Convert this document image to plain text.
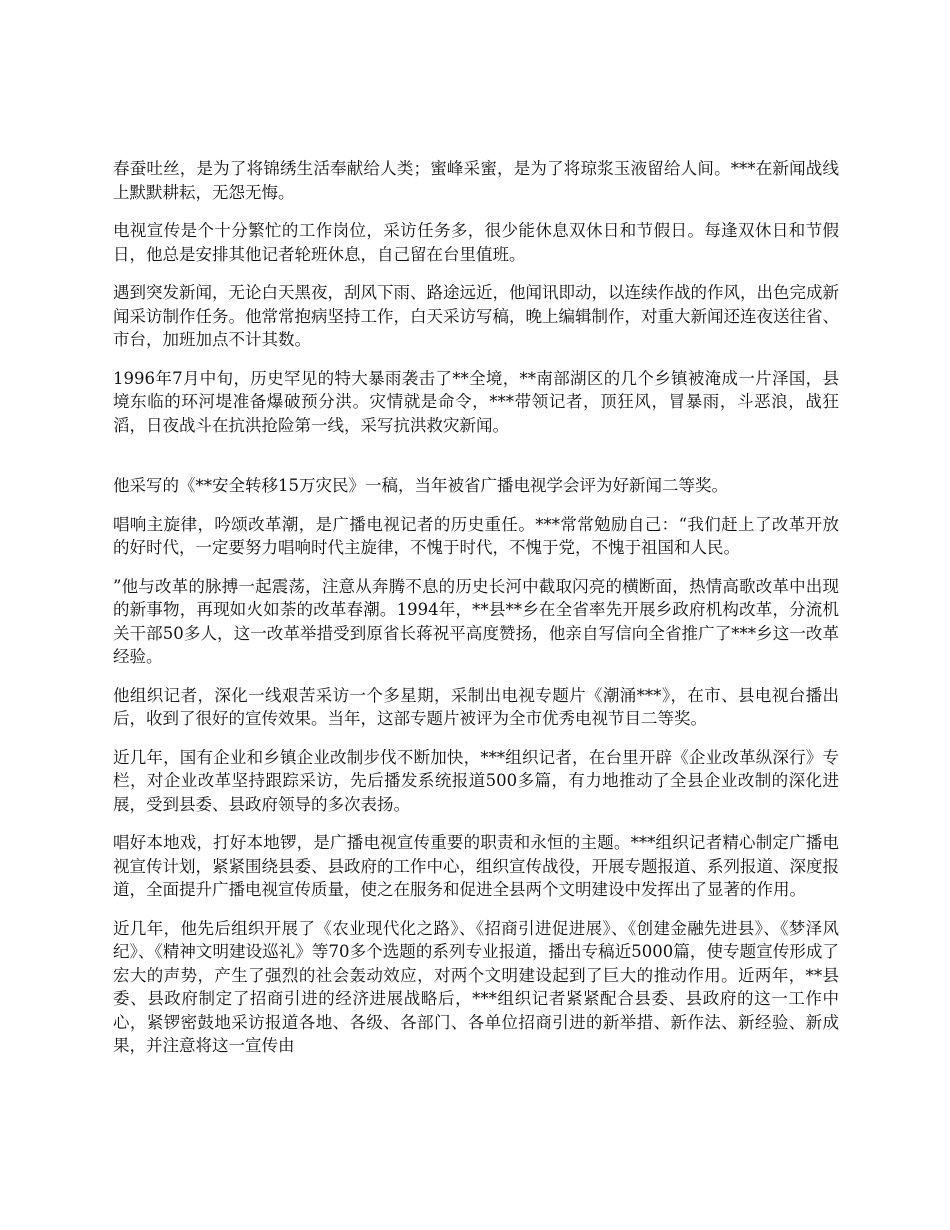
春蚕吐丝，是为了将锦绣生活奉献给人类；蜜峰采蜜，是为了将琼浆玉液留给人间。***在新闻战线上默默耕耘，无怨无悔。

电视宣传是个十分繁忙的工作岗位，采访任务多，很少能休息双休日和节假日。每逢双休日和节假日，他总是安排其他记者轮班休息，自己留在台里值班。

遇到突发新闻，无论白天黑夜，刮风下雨、路途远近，他闻讯即动，以连续作战的作风，出色完成新闻采访制作任务。他常常抱病坚持工作，白天采访写稿，晚上编辑制作，对重大新闻还连夜送往省、市台，加班加点不计其数。

1996年7月中旬，历史罕见的特大暴雨袭击了**全境，**南部湖区的几个乡镇被淹成一片泽国，县境东临的环河堤准备爆破预分洪。灾情就是命令，***带领记者，顶狂风，冒暴雨，斗恶浪，战狂滔，日夜战斗在抗洪抢险第一线，采写抗洪救灾新闻。

他采写的《**安全转移15万灾民》一稿，当年被省广播电视学会评为好新闻二等奖。

唱响主旋律，吟颂改革潮，是广播电视记者的历史重任。***常常勉励自己：“我们赶上了改革开放的好时代，一定要努力唱响时代主旋律，不愧于时代，不愧于党，不愧于祖国和人民。

”他与改革的脉搏一起震荡，注意从奔腾不息的历史长河中截取闪亮的横断面，热情高歌改革中出现的新事物，再现如火如荼的改革春潮。1994年，**县**乡在全省率先开展乡政府机构改革，分流机关干部50多人，这一改革举措受到原省长蒋祝平高度赞扬，他亲自写信向全省推广了***乡这一改革经验。

他组织记者，深化一线艰苦采访一个多星期，采制出电视专题片《潮涌***》，在市、县电视台播出后，收到了很好的宣传效果。当年，这部专题片被评为全市优秀电视节目二等奖。

近几年，国有企业和乡镇企业改制步伐不断加快，***组织记者，在台里开辟《企业改革纵深行》专栏，对企业改革坚持跟踪采访，先后播发系统报道500多篇，有力地推动了全县企业改制的深化进展，受到县委、县政府领导的多次表扬。

唱好本地戏，打好本地锣，是广播电视宣传重要的职责和永恒的主题。***组织记者精心制定广播电视宣传计划，紧紧围绕县委、县政府的工作中心，组织宣传战役，开展专题报道、系列报道、深度报道，全面提升广播电视宣传质量，使之在服务和促进全县两个文明建设中发挥出了显著的作用。

近几年，他先后组织开展了《农业现代化之路》、《招商引进促进展》、《创建金融先进县》、《梦泽风纪》、《精神文明建设巡礼》等70多个选题的系列专业报道，播出专稿近5000篇，使专题宣传形成了宏大的声势，产生了强烈的社会轰动效应，对两个文明建设起到了巨大的推动作用。近两年，**县委、县政府制定了招商引进的经济进展战略后，***组织记者紧紧配合县委、县政府的这一工作中心，紧锣密鼓地采访报道各地、各级、各部门、各单位招商引进的新举措、新作法、新经验、新成果，并注意将这一宣传由
